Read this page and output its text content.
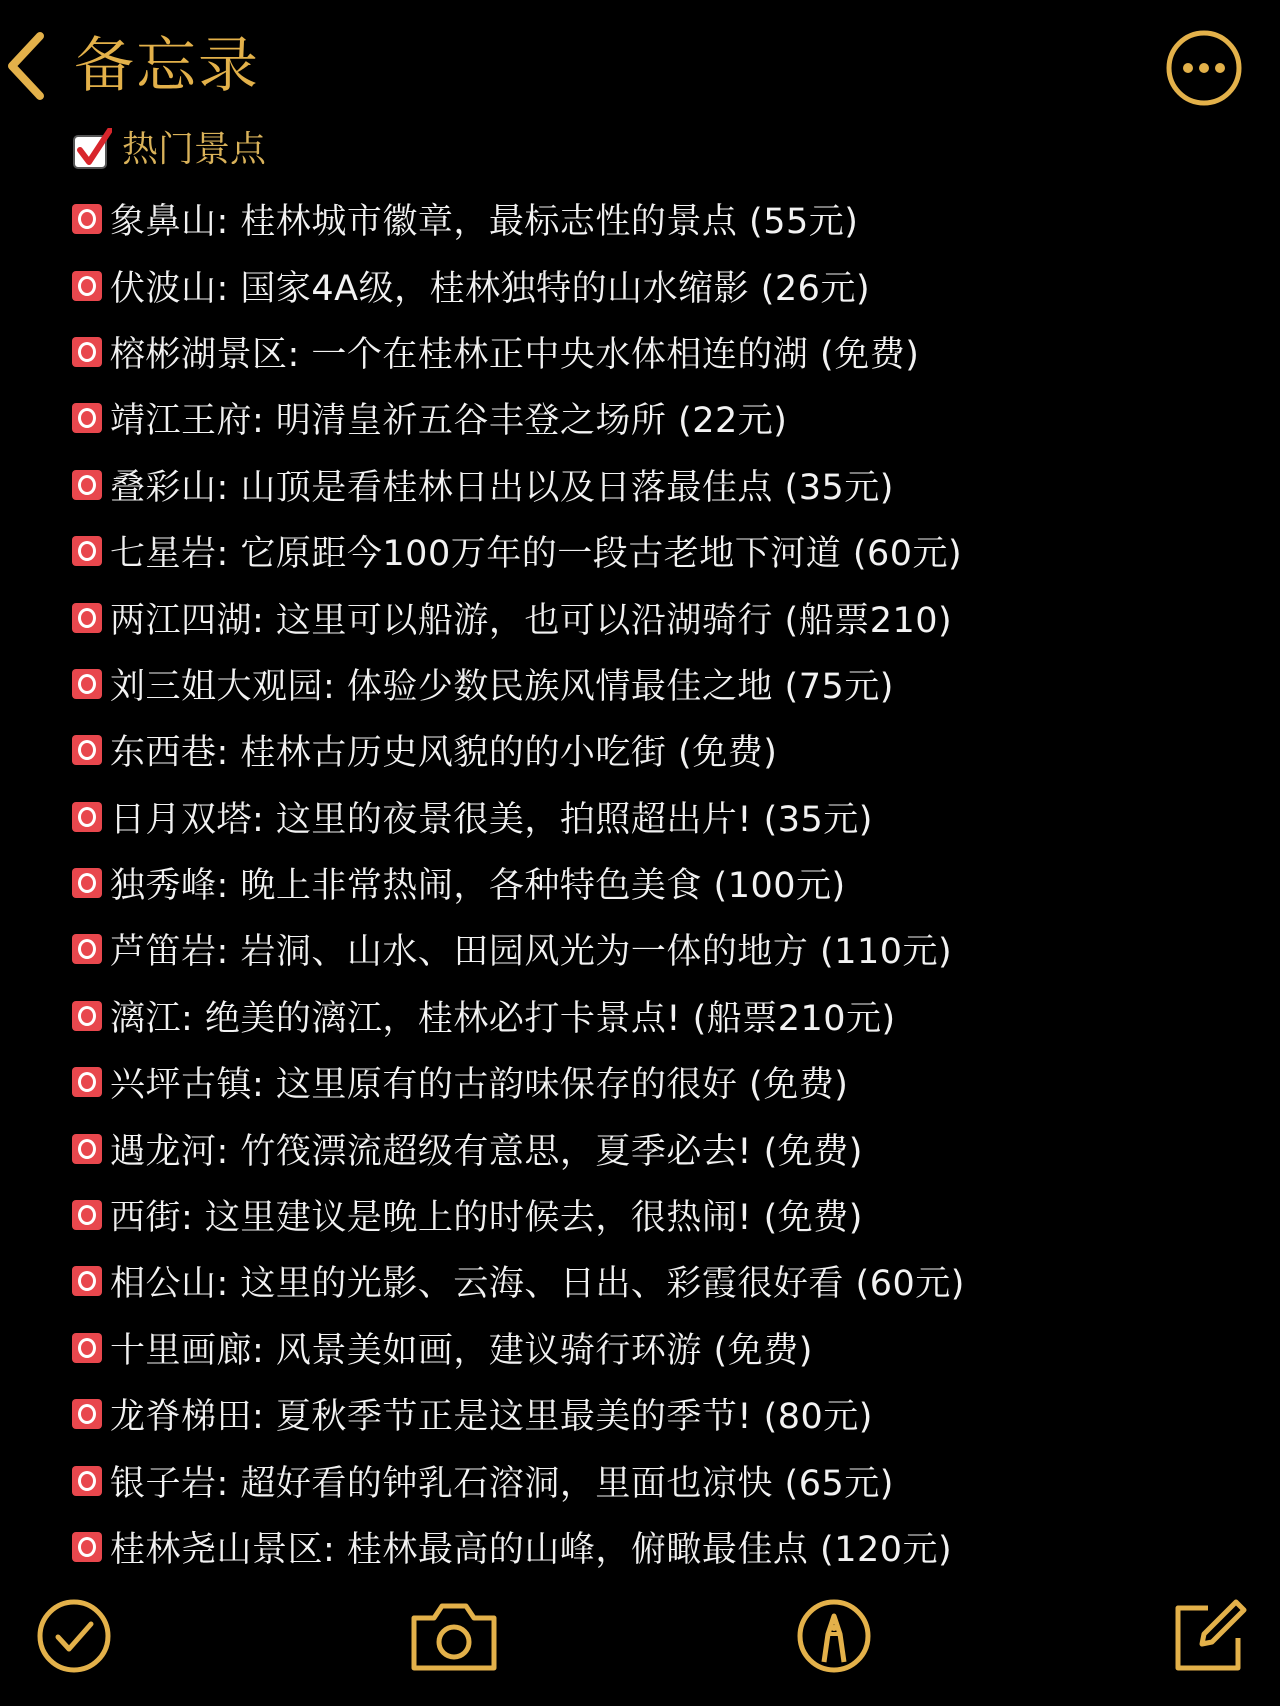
备忘录
热门景点
象鼻山: 桂林城市徽章，最标志性的景点 (55元)
伏波山: 国家4A级，桂林独特的山水缩影 (26元)
榕彬湖景区: 一个在桂林正中央水体相连的湖 (免费)
靖江王府: 明清皇祈五谷丰登之场所 (22元)
叠彩山: 山顶是看桂林日出以及日落最佳点 (35元)
七星岩: 它原距今100万年的一段古老地下河道 (60元)
两江四湖: 这里可以船游，也可以沿湖骑行 (船票210)
刘三姐大观园: 体验少数民族风情最佳之地 (75元)
东西巷: 桂林古历史风貌的的小吃街 (免费)
日月双塔: 这里的夜景很美，拍照超出片! (35元)
独秀峰: 晚上非常热闹，各种特色美食 (100元)
芦笛岩: 岩洞、山水、田园风光为一体的地方 (110元)
漓江: 绝美的漓江，桂林必打卡景点! (船票210元)
兴坪古镇: 这里原有的古韵味保存的很好 (免费)
遇龙河: 竹筏漂流超级有意思，夏季必去! (免费)
西街: 这里建议是晚上的时候去，很热闹! (免费)
相公山: 这里的光影、云海、日出、彩霞很好看 (60元)
十里画廊: 风景美如画，建议骑行环游 (免费)
龙脊梯田: 夏秋季节正是这里最美的季节! (80元)
银子岩: 超好看的钟乳石溶洞，里面也凉快 (65元)
桂林尧山景区: 桂林最高的山峰，俯瞰最佳点 (120元)
